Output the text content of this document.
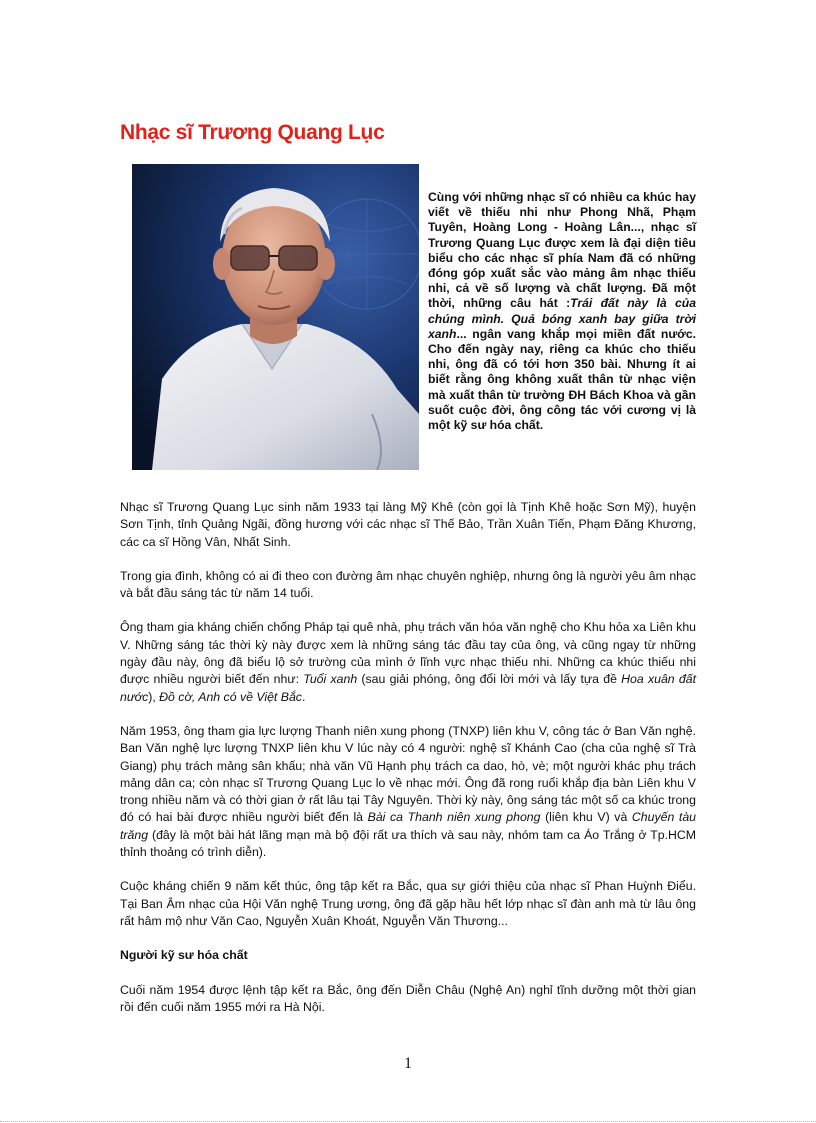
Nhạc sĩ Trương Quang Lục

Cùng với những nhạc sĩ có nhiều ca khúc hay viết về thiếu nhi như Phong Nhã, Phạm Tuyên, Hoàng Long - Hoàng Lân..., nhạc sĩ Trương Quang Lục được xem là đại diện tiêu biểu cho các nhạc sĩ phía Nam đã có những đóng góp xuất sắc vào mảng âm nhạc thiếu nhi, cả về số lượng và chất lượng. Đã một thời, những câu hát :Trái đất này là của chúng mình. Quả bóng xanh bay giữa trời xanh... ngân vang khắp mọi miền đất nước. Cho đến ngày nay, riêng ca khúc cho thiếu nhi, ông đã có tới hơn 350 bài. Nhưng ít ai biết rằng ông không xuất thân từ nhạc viện mà xuất thân từ trường ĐH Bách Khoa và gần suốt cuộc đời, ông công tác với cương vị là một kỹ sư hóa chất.

Nhạc sĩ Trương Quang Lục sinh năm 1933 tại làng Mỹ Khê (còn gọi là Tịnh Khê hoặc Sơn Mỹ), huyện Sơn Tịnh, tỉnh Quảng Ngãi, đồng hương với các nhạc sĩ Thế Bảo, Trần Xuân Tiến, Phạm Đăng Khương, các ca sĩ Hồng Vân, Nhất Sinh.

Trong gia đình, không có ai đi theo con đường âm nhạc chuyên nghiệp, nhưng ông là người yêu âm nhạc và bắt đầu sáng tác từ năm 14 tuổi.

Ông tham gia kháng chiến chống Pháp tại quê nhà, phụ trách văn hóa văn nghệ cho Khu hỏa xa Liên khu V. Những sáng tác thời kỳ này được xem là những sáng tác đầu tay của ông, và cũng ngay từ những ngày đầu này, ông đã biểu lộ sở trường của mình ở lĩnh vực nhạc thiếu nhi. Những ca khúc thiếu nhi được nhiều người biết đến như: Tuổi xanh (sau giải phóng, ông đổi lời mới và lấy tựa đề Hoa xuân đất nước), Đồ cờ, Anh có về Việt Bắc.

Năm 1953, ông tham gia lực lượng Thanh niên xung phong (TNXP) liên khu V, công tác ở Ban Văn nghệ. Ban Văn nghệ lực lượng TNXP liên khu V lúc này có 4 người: nghệ sĩ Khánh Cao (cha của nghệ sĩ Trà Giang) phụ trách mảng sân khấu; nhà văn Vũ Hạnh phụ trách ca dao, hò, vè; một người khác phụ trách mảng dân ca; còn nhạc sĩ Trương Quang Lục lo về nhạc mới. Ông đã rong ruổi khắp địa bàn Liên khu V trong nhiều năm và có thời gian ở rất lâu tại Tây Nguyên. Thời kỳ này, ông sáng tác một số ca khúc trong đó có hai bài được nhiều người biết đến là Bài ca Thanh niên xung phong (liên khu V) và Chuyến tàu trăng (đây là một bài hát lãng mạn mà bộ đội rất ưa thích và sau này, nhóm tam ca Áo Trắng ở Tp.HCM thỉnh thoảng có trình diễn).

Cuộc kháng chiến 9 năm kết thúc, ông tập kết ra Bắc, qua sự giới thiệu của nhạc sĩ Phan Huỳnh Điểu. Tại Ban Âm nhạc của Hội Văn nghệ Trung ương, ông đã gặp hầu hết lớp nhạc sĩ đàn anh mà từ lâu ông rất hâm mộ như Văn Cao, Nguyễn Xuân Khoát, Nguyễn Văn Thương...

Người kỹ sư hóa chất

Cuối năm 1954 được lệnh tập kết ra Bắc, ông đến Diễn Châu (Nghệ An) nghỉ tĩnh dưỡng một thời gian rồi đến cuối năm 1955 mới ra Hà Nội.

1
